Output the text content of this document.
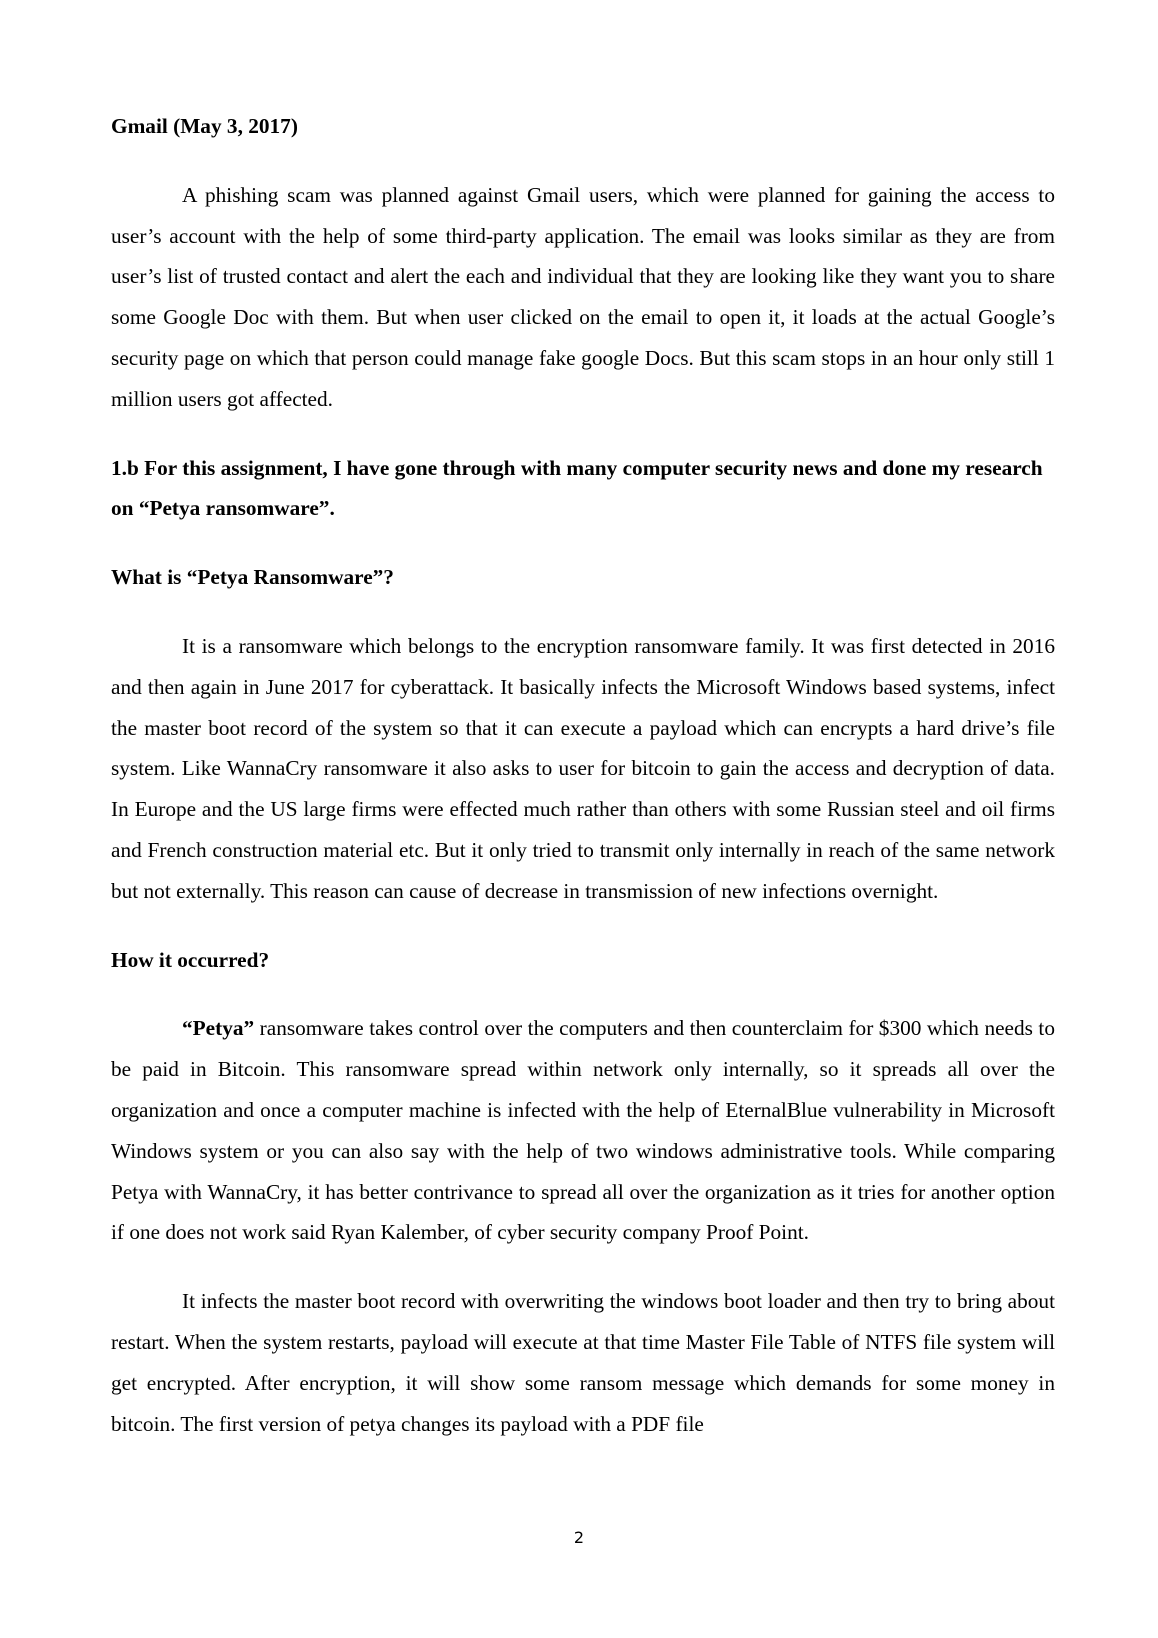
Gmail (May 3, 2017)

A phishing scam was planned against Gmail users, which were planned for gaining the access to user’s account with the help of some third-party application. The email was looks similar as they are from user’s list of trusted contact and alert the each and individual that they are looking like they want you to share some Google Doc with them. But when user clicked on the email to open it, it loads at the actual Google’s security page on which that person could manage fake google Docs. But this scam stops in an hour only still 1 million users got affected.

1.b For this assignment, I have gone through with many computer security news and done my research on “Petya ransomware”.

What is “Petya Ransomware”?

It is a ransomware which belongs to the encryption ransomware family. It was first detected in 2016 and then again in June 2017 for cyberattack. It basically infects the Microsoft Windows based systems, infect the master boot record of the system so that it can execute a payload which can encrypts a hard drive’s file system. Like WannaCry ransomware it also asks to user for bitcoin to gain the access and decryption of data. In Europe and the US large firms were effected much rather than others with some Russian steel and oil firms and French construction material etc. But it only tried to transmit only internally in reach of the same network but not externally. This reason can cause of decrease in transmission of new infections overnight.

How it occurred?

“Petya” ransomware takes control over the computers and then counterclaim for $300 which needs to be paid in Bitcoin. This ransomware spread within network only internally, so it spreads all over the organization and once a computer machine is infected with the help of EternalBlue vulnerability in Microsoft Windows system or you can also say with the help of two windows administrative tools. While comparing Petya with WannaCry, it has better contrivance to spread all over the organization as it tries for another option if one does not work said Ryan Kalember, of cyber security company Proof Point.

It infects the master boot record with overwriting the windows boot loader and then try to bring about restart. When the system restarts, payload will execute at that time Master File Table of NTFS file system will get encrypted. After encryption, it will show some ransom message which demands for some money in bitcoin. The first version of petya changes its payload with a PDF file

2
